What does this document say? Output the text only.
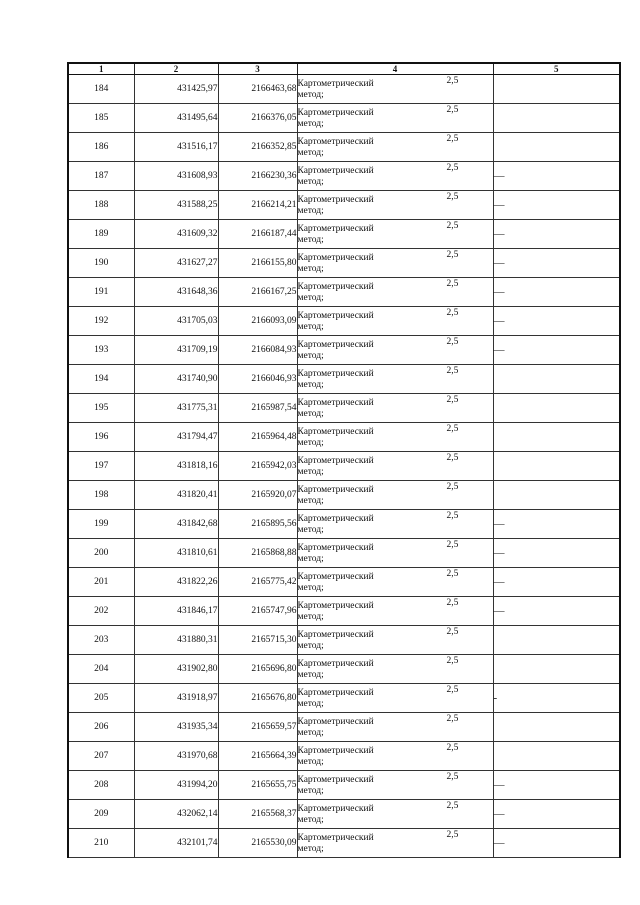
1	2	3	4	5
184	431425,97	2166463,68	Картометрический
метод;
2,5	

185	431495,64	2166376,05	Картометрический
метод;
2,5	

186	431516,17	2166352,85	Картометрический
метод;
2,5	

187	431608,93	2166230,36	Картометрический
метод;
2,5	—
188	431588,25	2166214,21	Картометрический
метод;
2,5	—
189	431609,32	2166187,44	Картометрический
метод;
2,5	—
190	431627,27	2166155,80	Картометрический
метод;
2,5	—
191	431648,36	2166167,25	Картометрический
метод;
2,5	—
192	431705,03	2166093,09	Картометрический
метод;
2,5	—
193	431709,19	2166084,93	Картометрический
метод;
2,5	—
194	431740,90	2166046,93	Картометрический
метод;
2,5	

195	431775,31	2165987,54	Картометрический
метод;
2,5	

196	431794,47	2165964,48	Картометрический
метод;
2,5	

197	431818,16	2165942,03	Картометрический
метод;
2,5	

198	431820,41	2165920,07	Картометрический
метод;
2,5	

199	431842,68	2165895,56	Картометрический
метод;
2,5	—
200	431810,61	2165868,88	Картометрический
метод;
2,5	—
201	431822,26	2165775,42	Картометрический
метод;
2,5	—
202	431846,17	2165747,96	Картометрический
метод;
2,5	—
203	431880,31	2165715,30	Картометрический
метод;
2,5	

204	431902,80	2165696,80	Картометрический
метод;
2,5	

205	431918,97	2165676,80	Картометрический
метод;
2,5	-
206	431935,34	2165659,57	Картометрический
метод;
2,5	

207	431970,68	2165664,39	Картометрический
метод;
2,5	

208	431994,20	2165655,75	Картометрический
метод;
2,5	—
209	432062,14	2165568,37	Картометрический
метод;
2,5	—
210	432101,74	2165530,09	Картометрический
метод;
2,5	—
